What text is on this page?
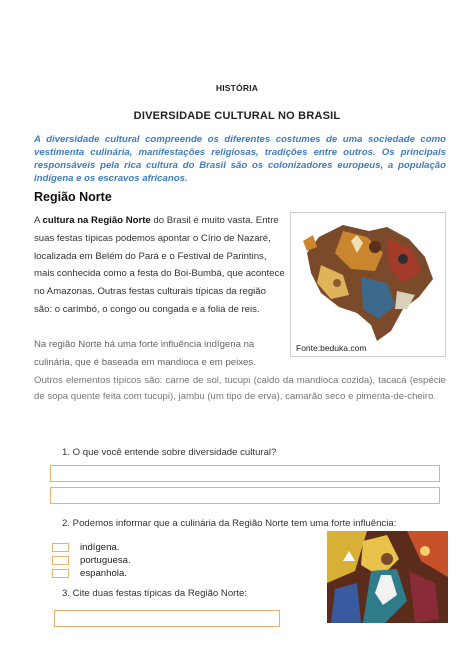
HISTÓRIA
DIVERSIDADE CULTURAL NO BRASIL
A diversidade cultural compreende os diferentes costumes de uma sociedade como vestimenta culinária, manifestações religiosas, tradições entre outros. Os principais responsáveis pela rica cultura do Brasil são os colonizadores europeus, a população indígena e os escravos africanos.
Região Norte
A cultura na Região Norte do Brasil é muito vasta. Entre suas festas típicas podemos apontar o Círio de Nazaré, localizada em Belém do Pará e o Festival de Parintins, mais conhecida como a festa do Boi-Bumbá, que acontece no Amazonas. Outras festas culturais típicas da região são: o carimbó, o congo ou congada e a folia de reis.
Fonte:beduka.com
Na região Norte há uma forte influência indígena na culinária, que é baseada em mandioca e em peixes.
Outros elementos típicos são: carne de sol, tucupi (caldo da mandioca cozida), tacacá (espécie de sopa quente feita com tucupi), jambu (um tipo de erva), camarão seco e pimenta-de-cheiro.
1. O que você entende sobre diversidade cultural?
2. Podemos informar que a culinária da Região Norte tem uma forte influência:
indígena.
portuguesa.
espanhola.
3. Cite duas festas típicas da Região Norte:
